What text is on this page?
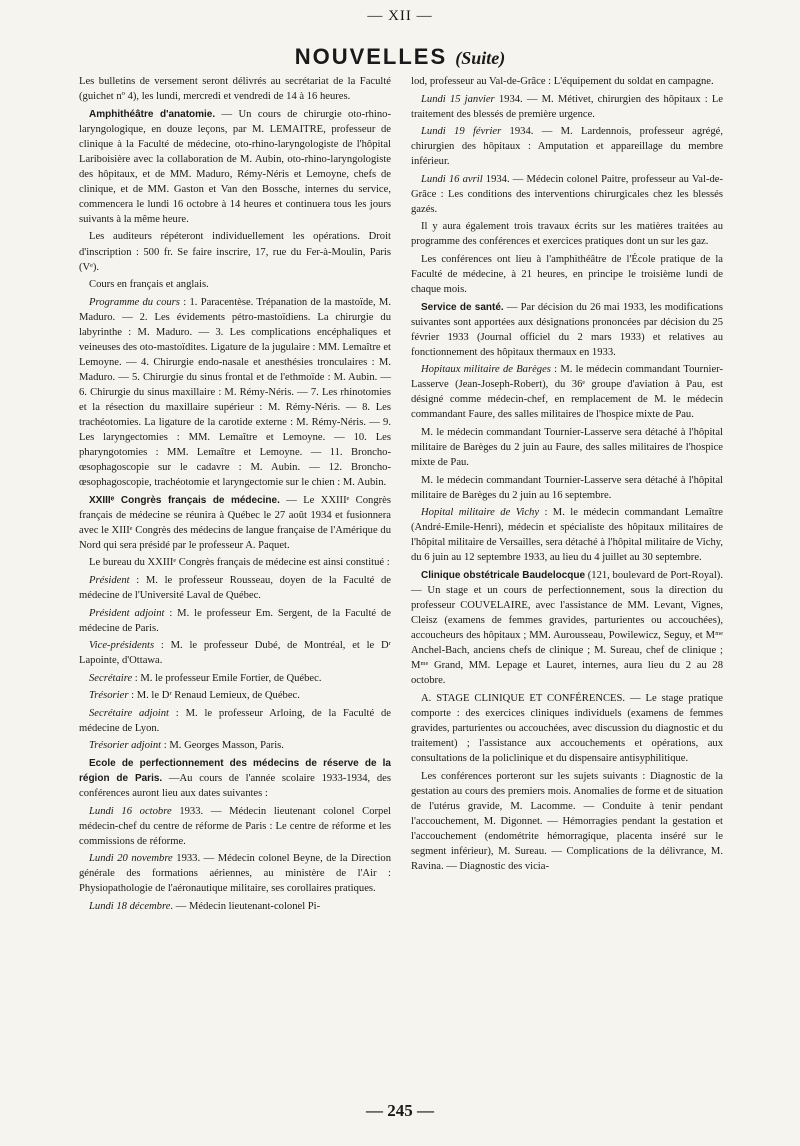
— XII —
NOUVELLES (Suite)

Les bulletins de versement seront délivrés au secrétariat de la Faculté (guichet nº 4), les lundi, mercredi et vendredi de 14 à 16 heures.

Amphithéâtre d'anatomie. — Un cours de chirurgie oto-rhino-laryngologique, en douze leçons, par M. LEMAITRE, professeur de clinique à la Faculté de médecine, oto-rhino-laryngologiste de l'hôpital Lariboisière avec la collaboration de M. Aubin, oto-rhino-laryngologiste des hôpitaux, et de MM. Maduro, Rémy-Néris et Lemoyne, chefs de clinique, et de MM. Gaston et Van den Bossche, internes du service, commencera le lundi 16 octobre à 14 heures et continuera tous les jours suivants à la même heure.

Les auditeurs répéteront individuellement les opérations. Droit d'inscription : 500 fr. Se faire inscrire, 17, rue du Fer-à-Moulin, Paris (Vᵉ).

Cours en français et anglais.

Programme du cours : 1. Paracentèse. Trépanation de la mastoïde, M. Maduro. — 2. Les évidements pétro-mastoïdiens. La chirurgie du labyrinthe : M. Maduro. — 3. Les complications encéphaliques et veineuses des oto-mastoïdites. Ligature de la jugulaire : MM. Lemaître et Lemoyne. — 4. Chirurgie endo-nasale et anesthésies tronculaires : M. Maduro. — 5. Chirurgie du sinus frontal et de l'ethmoïde : M. Aubin. — 6. Chirurgie du sinus maxillaire : M. Rémy-Néris. — 7. Les rhinotomies et la résection du maxillaire supérieur : M. Rémy-Néris. — 8. Les trachéotomies. La ligature de la carotide externe : M. Rémy-Néris. — 9. Les laryngectomies : MM. Lemaître et Lemoyne. — 10. Les pharyngotomies : MM. Lemaître et Lemoyne. — 11. Broncho-œsophagoscopie sur le cadavre : M. Aubin. — 12. Broncho-œsophagoscopie, trachéotomie et laryngectomie sur le chien : M. Aubin.

XXIIIᵉ Congrès français de médecine. — Le XXIIIᵉ Congrès français de médecine se réunira à Québec le 27 août 1934 et fusionnera avec le XIIIᵉ Congrès des médecins de langue française de l'Amérique du Nord qui sera présidé par le professeur A. Paquet.

Le bureau du XXIIIᵉ Congrès français de médecine est ainsi constitué :

Président : M. le professeur Rousseau, doyen de la Faculté de médecine de l'Université Laval de Québec.

Président adjoint : M. le professeur Em. Sergent, de la Faculté de médecine de Paris.

Vice-présidents : M. le professeur Dubé, de Montréal, et le Dʳ Lapointe, d'Ottawa.

Secrétaire : M. le professeur Emile Fortier, de Québec.

Trésorier : M. le Dʳ Renaud Lemieux, de Québec.

Secrétaire adjoint : M. le professeur Arloing, de la Faculté de médecine de Lyon.

Trésorier adjoint : M. Georges Masson, Paris.

Ecole de perfectionnement des médecins de réserve de la région de Paris. —Au cours de l'année scolaire 1933-1934, des conférences auront lieu aux dates suivantes :

Lundi 16 octobre 1933. — Médecin lieutenant colonel Corpel médecin-chef du centre de réforme de Paris : Le centre de réforme et les commissions de réforme.

Lundi 20 novembre 1933. — Médecin colonel Beyne, de la Direction générale des formations aériennes, au ministère de l'Air : Physiopathologie de l'aéronautique militaire, ses corollaires pratiques.

Lundi 18 décembre. — Médecin lieutenant-colonel Pi-

lod, professeur au Val-de-Grâce : L'équipement du soldat en campagne.

Lundi 15 janvier 1934. — M. Métivet, chirurgien des hôpitaux : Le traitement des blessés de première urgence.

Lundi 19 février 1934. — M. Lardennois, professeur agrégé, chirurgien des hôpitaux : Amputation et appareillage du membre inférieur.

Lundi 16 avril 1934. — Médecin colonel Paitre, professeur au Val-de-Grâce : Les conditions des interventions chirurgicales chez les blessés gazés.

Il y aura également trois travaux écrits sur les matières traitées au programme des conférences et exercices pratiques dont un sur les gaz.

Les conférences ont lieu à l'amphithéâtre de l'École pratique de la Faculté de médecine, à 21 heures, en principe le troisième lundi de chaque mois.

Service de santé. — Par décision du 26 mai 1933, les modifications suivantes sont apportées aux désignations prononcées par décision du 25 février 1933 (Journal officiel du 2 mars 1933) et relatives au fonctionnement des hôpitaux thermaux en 1933.

Hopitaux militaire de Barèges : M. le médecin commandant Tournier-Lasserve (Jean-Joseph-Robert), du 36ᵉ groupe d'aviation à Pau, est désigné comme médecin-chef, en remplacement de M. le médecin commandant Faure, des salles militaires de l'hospice mixte de Pau.

M. le médecin commandant Tournier-Lasserve sera détaché à l'hôpital militaire de Barèges du 2 juin au Faure, des salles militaires de l'hospice mixte de Pau.

M. le médecin commandant Tournier-Lasserve sera détaché à l'hôpital militaire de Barèges du 2 juin au 16 septembre.

Hopital militaire de Vichy : M. le médecin commandant Lemaître (André-Emile-Henri), médecin et spécialiste des hôpitaux militaires de l'hôpital militaire de Versailles, sera détaché à l'hôpital militaire de Vichy, du 6 juin au 12 septembre 1933, au lieu du 4 juillet au 30 septembre.

Clinique obstétricale Baudelocque (121, boulevard de Port-Royal). — Un stage et un cours de perfectionnement, sous la direction du professeur COUVELAIRE, avec l'assistance de MM. Levant, Vignes, Cleisz (examens de femmes gravides, parturientes ou accouchées), accoucheurs des hôpitaux ; MM. Aurousseau, Powilewicz, Seguy, et Mᵐᵉ Anchel-Bach, anciens chefs de clinique ; M. Sureau, chef de clinique ; Mᵐᵉ Grand, MM. Lepage et Lauret, internes, aura lieu du 2 au 28 octobre.

A. STAGE CLINIQUE ET CONFÉRENCES. — Le stage pratique comporte : des exercices cliniques individuels (examens de femmes gravides, parturientes ou accouchées, avec discussion du diagnostic et du traitement) ; l'assistance aux accouchements et opérations, aux consultations de la policlinique et du dispensaire antisyphilitique.

Les conférences porteront sur les sujets suivants : Diagnostic de la gestation au cours des premiers mois. Anomalies de forme et de situation de l'utérus gravide, M. Lacomme. — Conduite à tenir pendant l'accouchement, M. Digonnet. — Hémorragies pendant la gestation et l'accouchement (endométrite hémorragique, placenta inséré sur le segment inférieur), M. Sureau. — Complications de la délivrance, M. Ravina. — Diagnostic des vicia-

— 245 —
